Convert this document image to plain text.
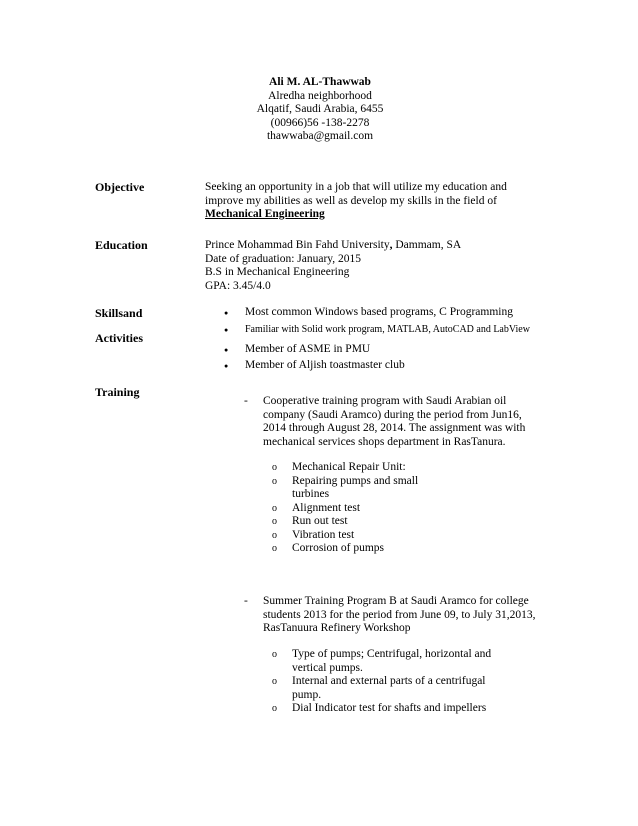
Ali M. AL-Thawwab
Alredha neighborhood
Alqatif, Saudi Arabia, 6455
(00966)56 -138-2278
thawwaba@gmail.com
Objective	Seeking an opportunity in a job that will utilize my education and
improve my abilities as well as develop my skills in the field of
Mechanical Engineering
Education	Prince Mohammad Bin Fahd University, Dammam, SA
Date of graduation: January, 2015
B.S in Mechanical Engineering
GPA: 3.45/4.0
Skillsand
Activities
● Most common Windows based programs, C Programming
● Familiar with Solid work program, MATLAB, AutoCAD and LabView
● Member of ASME in PMU
● Member of Aljish toastmaster club
Training
- Cooperative training program with Saudi Arabian oil
company (Saudi Aramco) during the period from Jun16,
2014 through August 28, 2014. The assignment was with
mechanical services shops department in RasTanura.
o Mechanical Repair Unit:
o Repairing pumps and small
turbines
o Alignment test
o Run out test
o Vibration test
o Corrosion of pumps
- Summer Training Program B at Saudi Aramco for college
students 2013 for the period from June 09, to July 31,2013,
RasTanuura Refinery Workshop
o Type of pumps; Centrifugal, horizontal and
vertical pumps.
o Internal and external parts of a centrifugal
pump.
o Dial Indicator test for shafts and impellers
